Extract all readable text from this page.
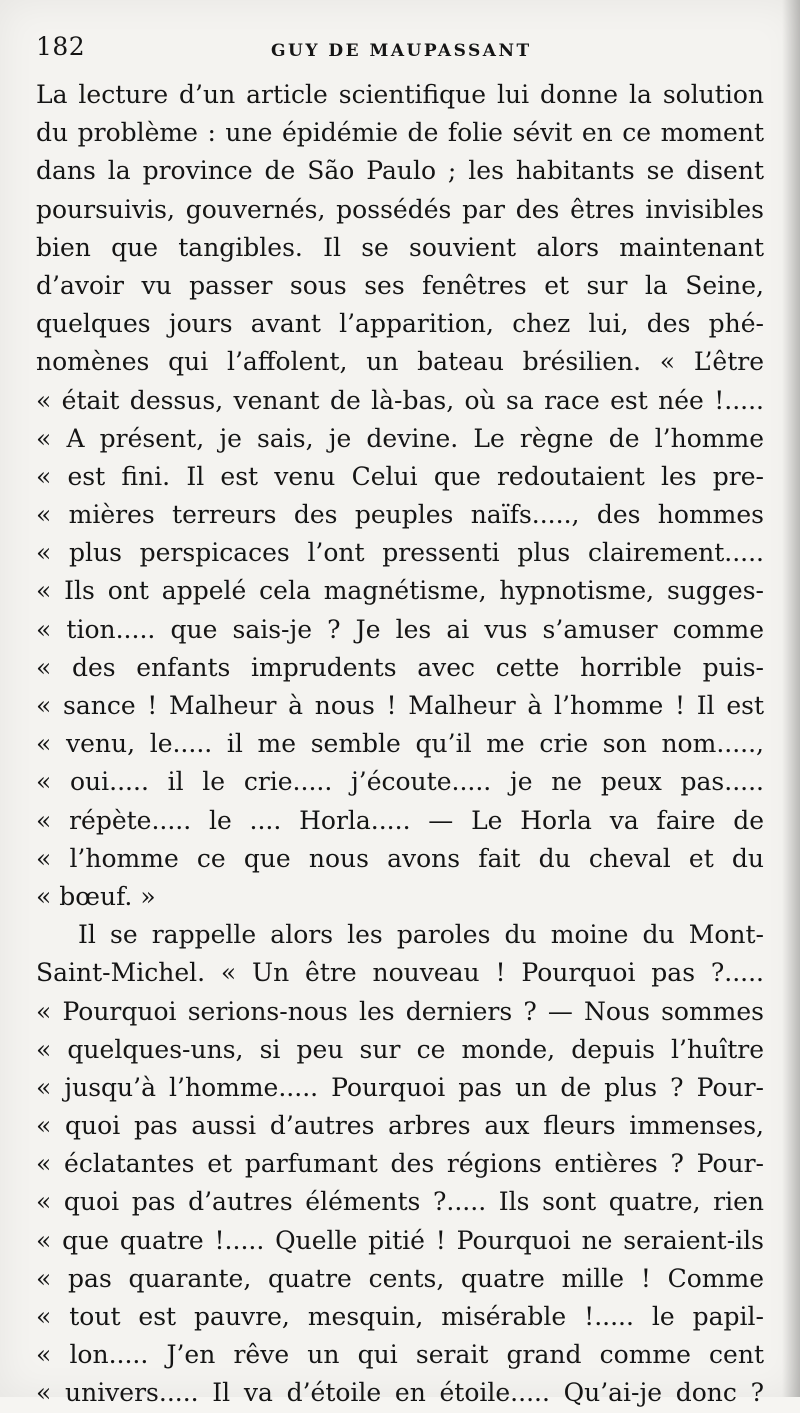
182	GUY DE MAUPASSANT
La lecture d’un article scientifique lui donne la solution
du problème : une épidémie de folie sévit en ce moment
dans la province de São Paulo ; les habitants se disent
poursuivis, gouvernés, possédés par des êtres invisibles
bien que tangibles. Il se souvient alors maintenant
d’avoir vu passer sous ses fenêtres et sur la Seine,
quelques jours avant l’apparition, chez lui, des phé-
nomènes qui l’affolent, un bateau brésilien. « L’être
« était dessus, venant de là-bas, où sa race est née !.....
« A présent, je sais, je devine. Le règne de l’homme
« est fini. Il est venu Celui que redoutaient les pre-
« mières terreurs des peuples naïfs....., des hommes
« plus perspicaces l’ont pressenti plus clairement.....
« Ils ont appelé cela magnétisme, hypnotisme, sugges-
« tion..... que sais-je ? Je les ai vus s’amuser comme
« des enfants imprudents avec cette horrible puis-
« sance ! Malheur à nous ! Malheur à l’homme ! Il est
« venu, le..... il me semble qu’il me crie son nom.....,
« oui..... il le crie..... j’écoute..... je ne peux pas.....
« répète..... le .... Horla..... — Le Horla va faire de
« l’homme ce que nous avons fait du cheval et du
« bœuf. »
Il se rappelle alors les paroles du moine du Mont-
Saint-Michel. « Un être nouveau ! Pourquoi pas ?.....
« Pourquoi serions-nous les derniers ? — Nous sommes
« quelques-uns, si peu sur ce monde, depuis l’huître
« jusqu’à l’homme..... Pourquoi pas un de plus ? Pour-
« quoi pas aussi d’autres arbres aux fleurs immenses,
« éclatantes et parfumant des régions entières ? Pour-
« quoi pas d’autres éléments ?..... Ils sont quatre, rien
« que quatre !..... Quelle pitié ! Pourquoi ne seraient-ils
« pas quarante, quatre cents, quatre mille ! Comme
« tout est pauvre, mesquin, misérable !..... le papil-
« lon..... J’en rêve un qui serait grand comme cent
« univers..... Il va d’étoile en étoile..... Qu’ai-je donc ?
